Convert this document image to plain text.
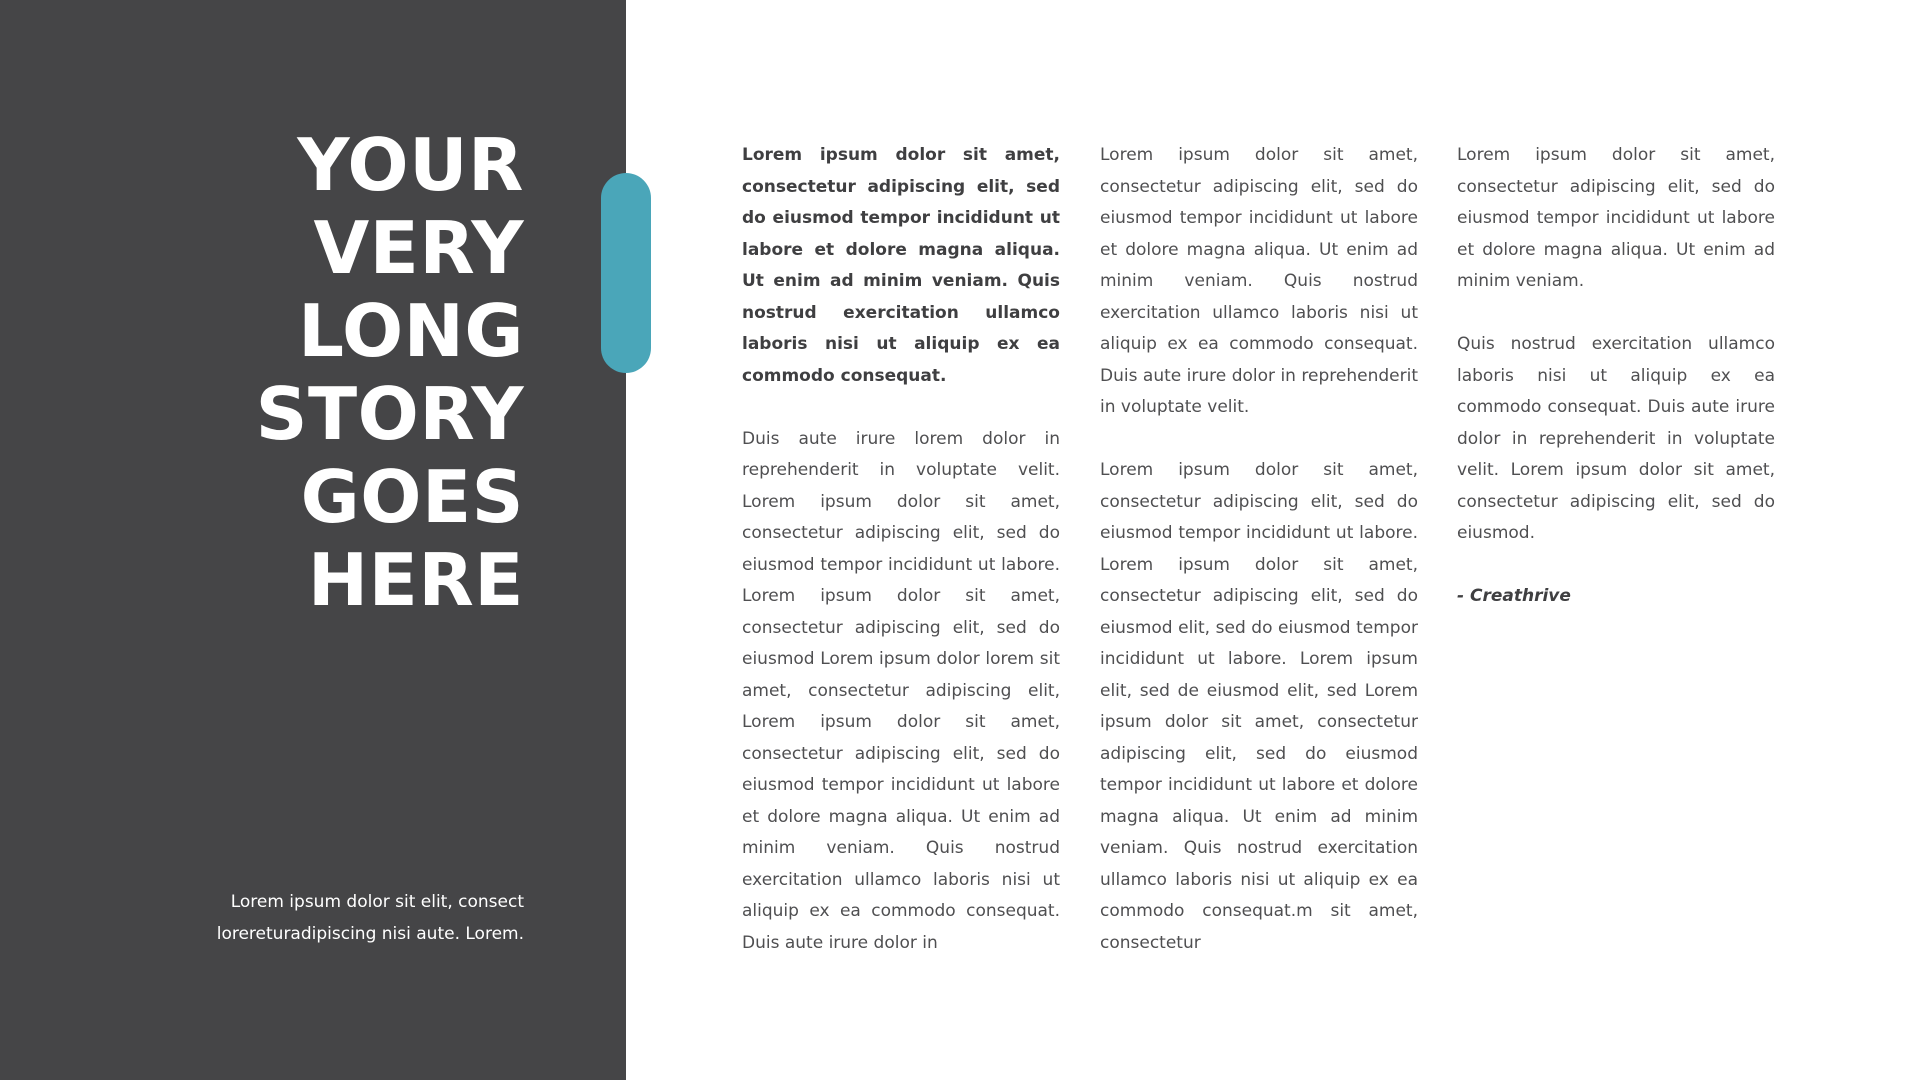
YOUR
VERY
LONG
STORY
GOES
HERE

Lorem ipsum dolor sit elit, consect lorereturadipiscing nisi aute. Lorem.

Lorem ipsum dolor sit amet, consectetur adipiscing elit, sed do eiusmod tempor incididunt ut labore et dolore magna aliqua. Ut enim ad minim veniam. Quis nostrud exercitation ullamco laboris nisi ut aliquip ex ea commodo consequat.

Duis aute irure lorem dolor in reprehenderit in voluptate velit. Lorem ipsum dolor sit amet, consectetur adipiscing elit, sed do eiusmod tempor incididunt ut labore. Lorem ipsum dolor sit amet, consectetur adipiscing elit, sed do eiusmod Lorem ipsum dolor lorem sit amet, consectetur adipiscing elit, Lorem ipsum dolor sit amet, consectetur adipiscing elit, sed do eiusmod tempor incididunt ut labore et dolore magna aliqua. Ut enim ad minim veniam. Quis nostrud exercitation ullamco laboris nisi ut aliquip ex ea commodo consequat. Duis aute irure dolor in

Lorem ipsum dolor sit amet, consectetur adipiscing elit, sed do eiusmod tempor incididunt ut labore et dolore magna aliqua. Ut enim ad minim veniam. Quis nostrud exercitation ullamco laboris nisi ut aliquip ex ea commodo consequat. Duis aute irure dolor in reprehenderit in voluptate velit.

Lorem ipsum dolor sit amet, consectetur adipiscing elit, sed do eiusmod tempor incididunt ut labore. Lorem ipsum dolor sit amet, consectetur adipiscing elit, sed do eiusmod elit, sed do eiusmod tempor incididunt ut labore. Lorem ipsum elit, sed de eiusmod elit, sed Lorem ipsum dolor sit amet, consectetur adipiscing elit, sed do eiusmod tempor incididunt ut labore et dolore magna aliqua. Ut enim ad minim veniam. Quis nostrud exercitation ullamco laboris nisi ut aliquip ex ea commodo consequat.m sit amet, consectetur

Lorem ipsum dolor sit amet, consectetur adipiscing elit, sed do eiusmod tempor incididunt ut labore et dolore magna aliqua. Ut enim ad minim veniam.

Quis nostrud exercitation ullamco laboris nisi ut aliquip ex ea commodo consequat. Duis aute irure dolor in reprehenderit in voluptate velit. Lorem ipsum dolor sit amet, consectetur adipiscing elit, sed do eiusmod.

- Creathrive
